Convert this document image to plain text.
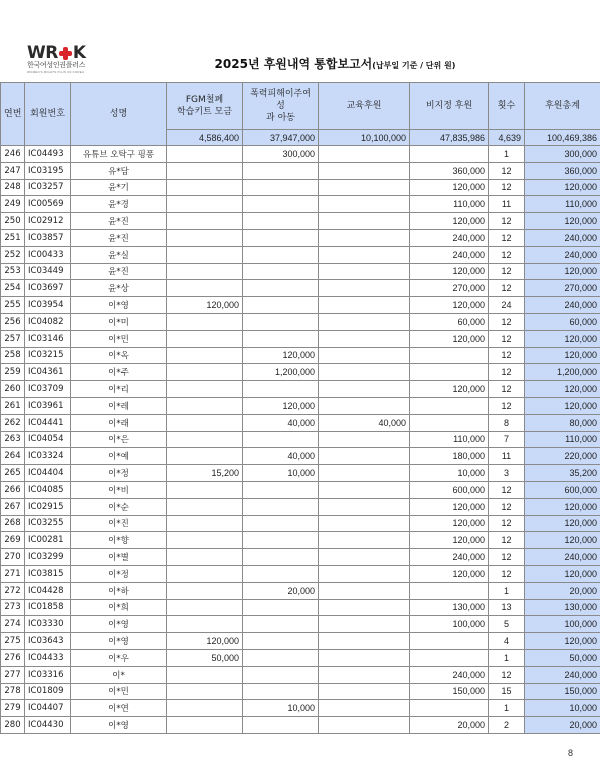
WR K
한국여성인권플러스
WOMEN'S RIGHTS PLUS OF KOREA
2025년 후원내역 통합보고서(납부일 기준 / 단위 원)
연번	회원번호	성명	FGM철폐
학습키트 모금	폭력피해이주여성
과 아동	교육후원	비지정 후원	횟수	후원총계
			4,586,400	37,947,000	10,100,000	47,835,986	4,639	100,469,386
246	IC04493	유튜브 오탁구 핑퐁		300,000			1	300,000
247	IC03195	유*담				360,000	12	360,000
248	IC03257	윤*기				120,000	12	120,000
249	IC00569	윤*경				110,000	11	110,000
250	IC02912	윤*진				120,000	12	120,000
251	IC03857	윤*진				240,000	12	240,000
252	IC00433	윤*실				240,000	12	240,000
253	IC03449	윤*진				120,000	12	120,000
254	IC03697	윤*상				270,000	12	270,000
255	IC03954	이*영	120,000			120,000	24	240,000
256	IC04082	이*미				60,000	12	60,000
257	IC03146	이*민				120,000	12	120,000
258	IC03215	이*옥		120,000			12	120,000
259	IC04361	이*주		1,200,000			12	1,200,000
260	IC03709	이*리				120,000	12	120,000
261	IC03961	이*레		120,000			12	120,000
262	IC04441	이*래		40,000	40,000		8	80,000
263	IC04054	이*은				110,000	7	110,000
264	IC03324	이*예		40,000		180,000	11	220,000
265	IC04404	이*정	15,200	10,000		10,000	3	35,200
266	IC04085	이*비				600,000	12	600,000
267	IC02915	이*순				120,000	12	120,000
268	IC03255	이*진				120,000	12	120,000
269	IC00281	이*향				120,000	12	120,000
270	IC03299	이*별				240,000	12	240,000
271	IC03815	이*정				120,000	12	120,000
272	IC04428	이*하		20,000			1	20,000
273	IC01858	이*희				130,000	13	130,000
274	IC03330	이*영				100,000	5	100,000
275	IC03643	이*영	120,000				4	120,000
276	IC04433	이*우	50,000				1	50,000
277	IC03316	이*				240,000	12	240,000
278	IC01809	이*민				150,000	15	150,000
279	IC04407	이*연		10,000			1	10,000
280	IC04430	이*영				20,000	2	20,000
8
